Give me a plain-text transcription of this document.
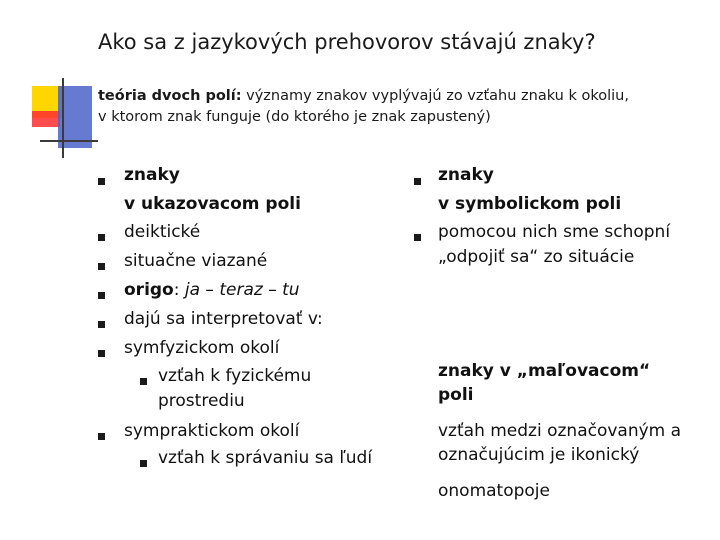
Ako sa z jazykových prehovorov stávajú znaky?
teória dvoch polí: významy znakov vyplývajú zo vzťahu znaku k okoliu,
v ktorom znak funguje (do ktorého je znak zapustený)
znaky
v ukazovacom poli
deiktické
situačne viazané
origo: ja – teraz – tu
dajú sa interpretovať v:
symfyzickom okolí
vzťah k fyzickému
prostrediu
sympraktickom okolí
vzťah k správaniu sa ľudí
znaky
v symbolickom poli
pomocou nich sme schopní
„odpojiť sa“ zo situácie
znaky v „maľovacom“
poli
vzťah medzi označovaným a
označujúcim je ikonický
onomatopoje
